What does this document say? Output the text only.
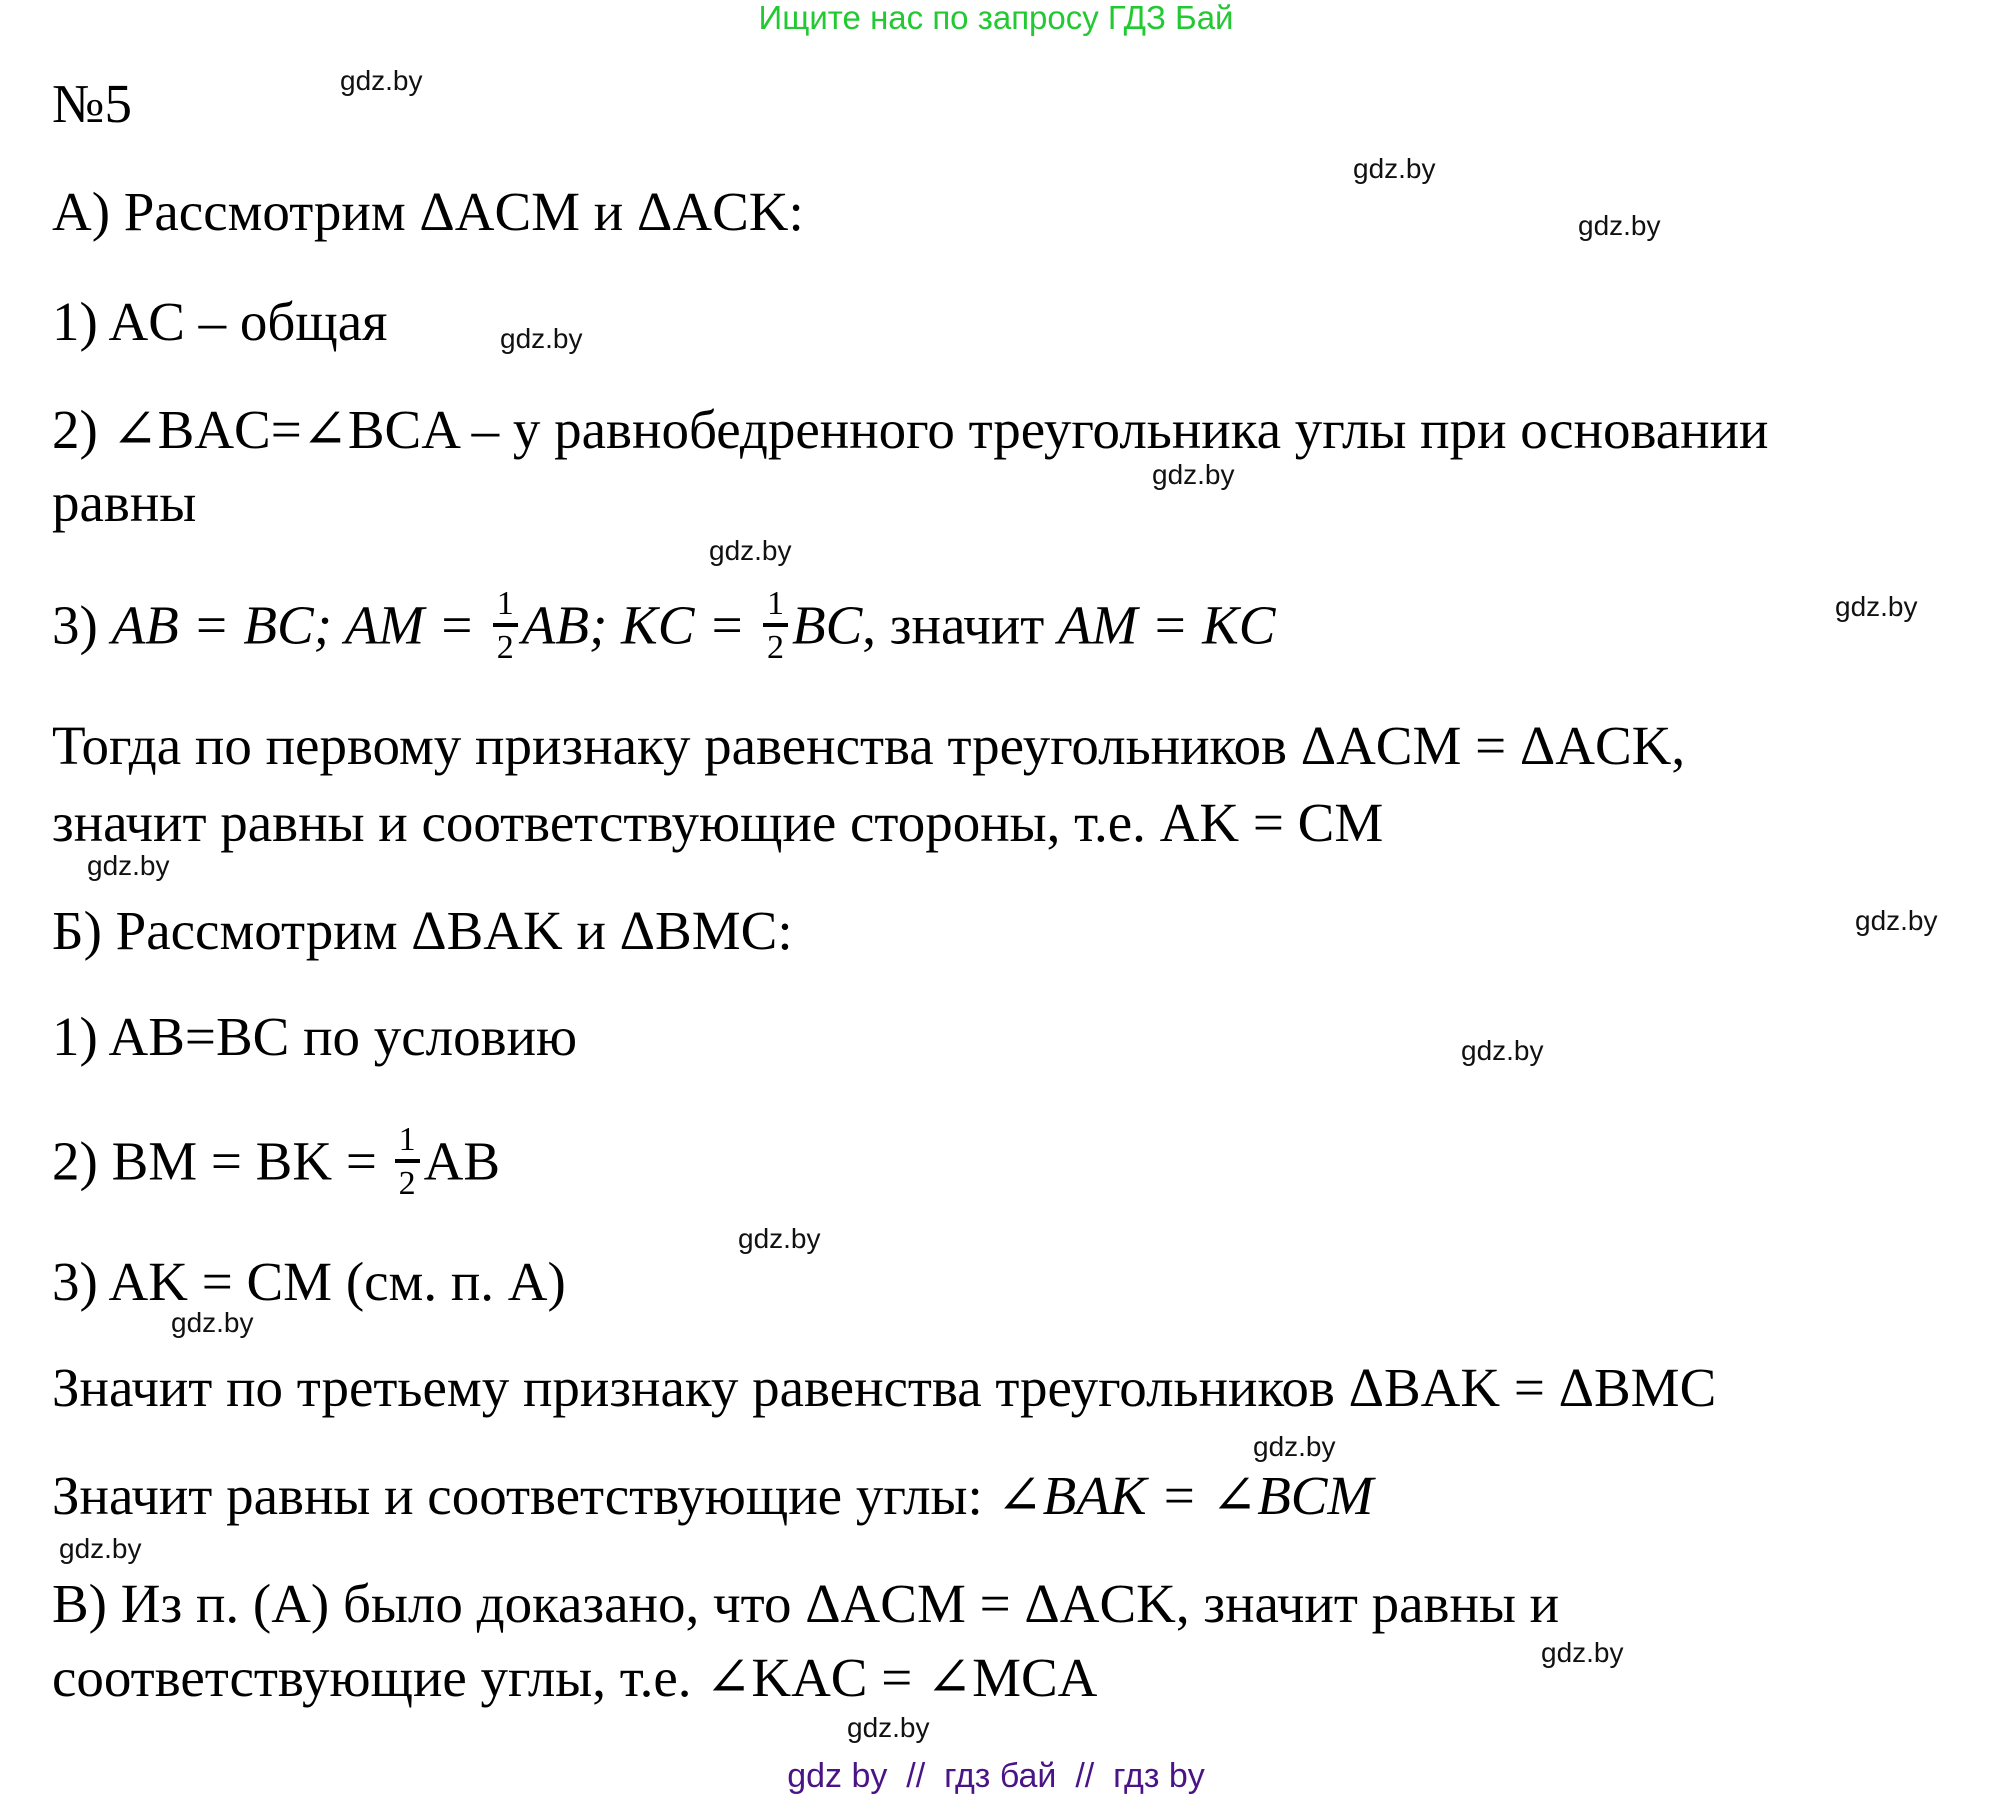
Ищите нас по запросу ГДЗ Бай
№5
А) Рассмотрим ΔACM и ΔACK:
1) AC – общая
2) ∠BAC=∠BCA – у равнобедренного треугольника углы при основании
равны
3) AB = BC; AM = $\frac{1}{2}$ AB; KC = $\frac{1}{2}$ BC, значит AM = KC
Тогда по первому признаку равенства треугольников ΔACM = ΔACK,
значит равны и соответствующие стороны, т.е. AK = CM
Б) Рассмотрим ΔBAK и ΔBMC:
1) AB=BC по условию
2) BM = BK = $\frac{1}{2}$ AB
3) AK = CM (см. п. А)
Значит по третьему признаку равенства треугольников ΔBAK = ΔBMC
Значит равны и соответствующие углы: ∠BAK = ∠BCM
В) Из п. (А) было доказано, что ΔACM = ΔACK, значит равны и
соответствующие углы, т.е. ∠KAC = ∠MCA
gdz.by
gdz.by
gdz.by
gdz.by
gdz.by
gdz.by
gdz.by
gdz.by
gdz.by
gdz.by
gdz.by
gdz.by
gdz.by
gdz.by
gdz.by
gdz.by
gdz by  //  гдз бай  //  гдз by
